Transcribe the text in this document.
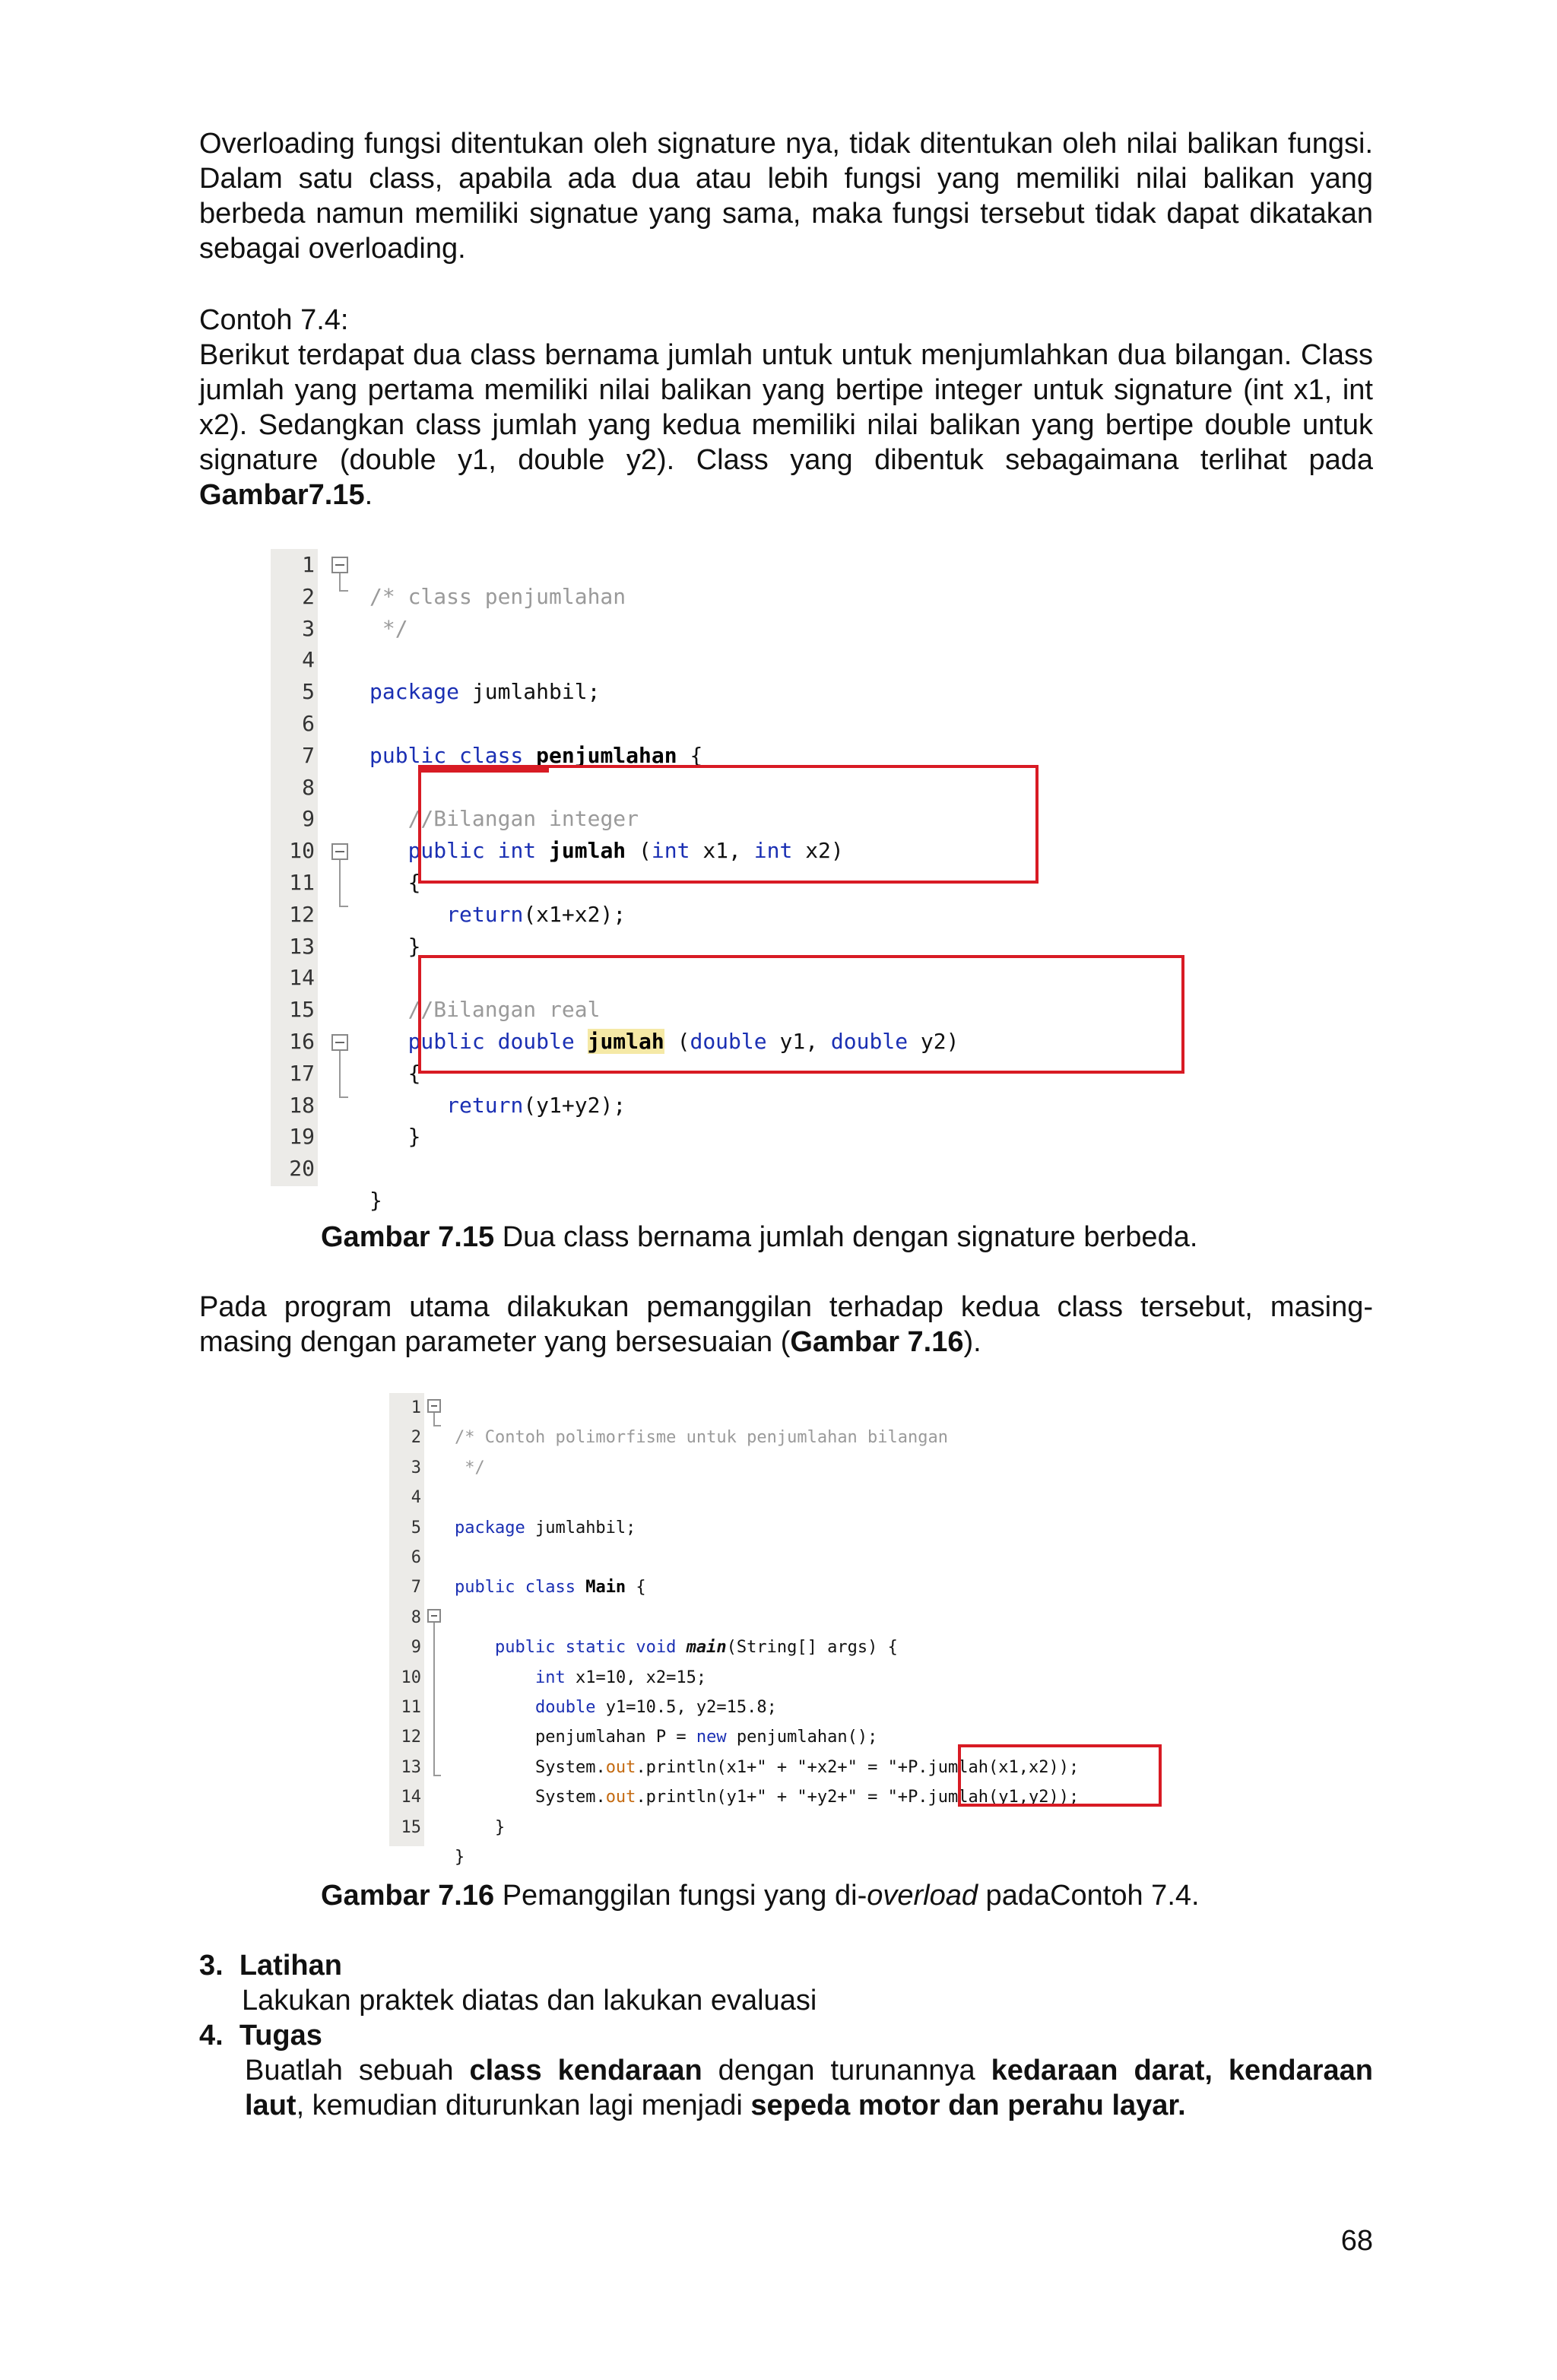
Overloading fungsi ditentukan oleh signature nya, tidak ditentukan oleh nilai balikan fungsi. Dalam satu class, apabila ada dua atau lebih fungsi yang memiliki nilai balikan yang berbeda namun memiliki signatue yang sama, maka fungsi tersebut tidak dapat dikatakan sebagai overloading.
Contoh 7.4:
Berikut terdapat dua class bernama jumlah untuk untuk menjumlahkan dua bilangan. Class jumlah yang pertama memiliki nilai balikan yang bertipe integer untuk signature (int x1, int x2). Sedangkan class jumlah yang kedua memiliki nilai balikan yang bertipe double untuk signature (double y1, double y2). Class yang dibentuk sebagaimana terlihat pada Gambar7.15.
1
2
3
4
5
6
7
8
9
10
11
12
13
14
15
16
17
18
19
20

/* class penjumlahan
*/

package jumlahbil;

public class penjumlahan {

//Bilangan integer
public int jumlah (int x1, int x2)
{
return(x1+x2);
}

//Bilangan real
public double jumlah (double y1, double y2)
{
return(y1+y2);
}

}

Gambar 7.15 Dua class bernama jumlah dengan signature berbeda.
Pada program utama dilakukan pemanggilan terhadap kedua class tersebut, masing-masing dengan parameter yang bersesuaian (Gambar 7.16).
1
2
3
4
5
6
7
8
9
10
11
12
13
14
15

/* Contoh polimorfisme untuk penjumlahan bilangan
*/

package jumlahbil;

public class Main {

public static void main(String[] args) {
int x1=10, x2=15;
double y1=10.5, y2=15.8;
penjumlahan P = new penjumlahan();
System.out.println(x1+" + "+x2+" = "+P.jumlah(x1,x2));
System.out.println(y1+" + "+y2+" = "+P.jumlah(y1,y2));
}
}

Gambar 7.16 Pemanggilan fungsi yang di-overload padaContoh 7.4.
3. Latihan
Lakukan praktek diatas dan lakukan evaluasi
4. Tugas
Buatlah sebuah class kendaraan dengan turunannya kedaraan darat, kendaraan laut, kemudian diturunkan lagi menjadi sepeda motor dan perahu layar.
68
